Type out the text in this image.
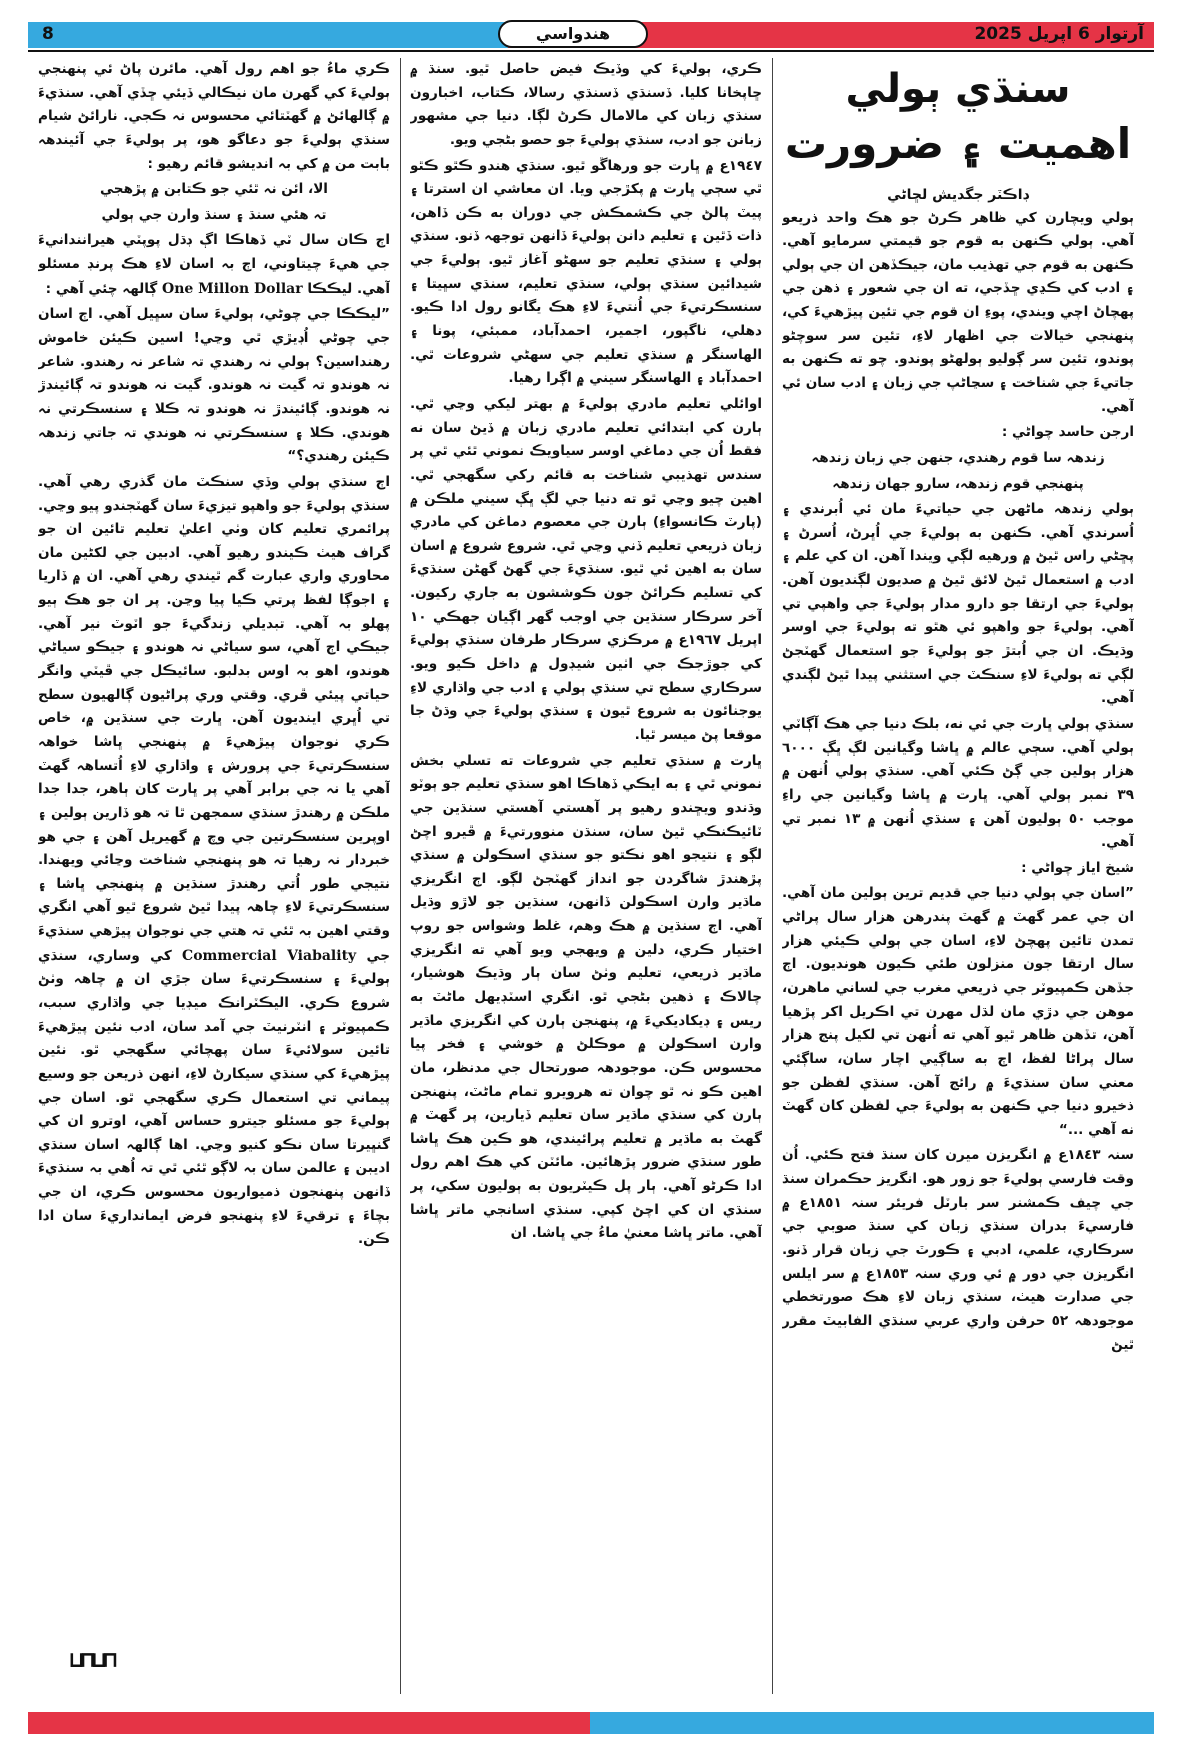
8	هندواسي	آرتوار 6 اپريل 2025
سنڌي ٻولي
اهميت ۽ ضرورت
ڊاڪٽر جگديش لڇاڻي

ٻولي ويچارن کي ظاهر ڪرڻ جو هڪ واحد ذريعو آهي. ٻولي ڪنهن به قوم جو قيمتي سرمايو آهي. ڪنهن به قوم جي تهذيب مان، جيڪڏهن ان جي ٻولي ۽ ادب کي ڪڍي ڇڏجي، ته ان جي شعور ۽ ذهن جي پهچاڻ اچي ويندي، پوءِ ان قوم جي تئين پيڙهيءَ کي، پنهنجي خيالات جي اظهار لاءِ، تئين سر سوچڻو پوندو، تئين سر ڳوليو ٻولهڻو پوندو. چو ته ڪنهن به جاتيءَ جي شناخت ۽ سڃاڻپ جي زبان ۽ ادب سان ئي آهي.

ارجن حاسد چواڻي :

زندهہ سا قوم رهندي، جنهن جي زبان زندهہ

پنهنجي قوم زندهہ، سارو جهان زندهہ

ٻولي زندهہ ماڻهن جي حياتيءَ مان ئي اُبرندي ۽ اُسرندي آهي. ڪنهن به ٻوليءَ جي اُڀرڻ، اُسرڻ ۽ پڇڻي راس ٿيڻ ۾ ورهيه لڳي ويندا آهن. ان کي علم ۽ ادب ۾ استعمال ٿيڻ لائق ٿيڻ ۾ صديون لڳنديون آهن. ٻوليءَ جي ارتقا جو دارو مدار ٻوليءَ جي واهپي تي آهي. ٻوليءَ جو واهپو ئي هٿو ته ٻوليءَ جي اوسر وڌيڪ. ان جي اُبتڙ جو ٻوليءَ جو استعمال گهٽجڻ لڳي ته ٻوليءَ لاءِ سنڪٽ جي استثني پيدا ٿيڻ لڳندي آهي.

سنڌي ٻولي ڀارت جي ئي نه، بلڪ دنيا جي هڪ آڳاٽي ٻولي آهي. سڄي عالم ۾ ڀاشا وگيانين لڳ ڀڳ ٦٠٠٠ هزار ٻولين جي ڳڻ ڪئي آهي. سنڌي ٻولي اُنهن ۾ ٣٩ نمبر ٻولي آهي. ڀارت ۾ ڀاشا وگيانين جي راءِ موجب ٥٠ ٻوليون آهن ۽ سنڌي اُنهن ۾ ١٣ نمبر تي آهي.

شيخ اياز چواڻي :

”اسان جي ٻولي دنيا جي قديم ترين ٻولين مان آهي. ان جي عمر گهٽ ۾ گهٽ پندرهن هزار سال پراڻي تمدن تائين پهچڻ لاءِ، اسان جي ٻولي ڪيئي هزار سال ارتقا جون منزلون طئي ڪيون هونديون. اڄ جڏهن ڪمپيوٽر جي ذريعي مغرب جي لساني ماهرن، موهن جي دڙي مان لڌل مهرن تي اڪريل اکر پڙهيا آهن، تڏهن ظاهر ٿيو آهي ته اُنهن تي لکيل پنج هزار سال پراڻا لفظ، اڄ به ساڳيي اچار سان، ساڳئي معني سان سنڌيءَ ۾ رائج آهن. سنڌي لفظن جو ذخيرو دنيا جي ڪنهن به ٻوليءَ جي لفظن کان گهٽ نه آهي ...“

سنہ ١٨٤٣ع ۾ انگريزن ميرن کان سنڌ فتح ڪئي. اُن وقت فارسي ٻوليءَ جو زور هو. انگريز حڪمران سنڌ جي چيف ڪمشنر سر بارٽل فريئر سنہ ١٨٥١ع ۾ فارسيءَ بدران سنڌي زبان کي سنڌ صوبي جي سرڪاري، علمي، ادبي ۽ ڪورٽ جي زبان قرار ڏنو. انگريزن جي دور ۾ ئي وري سنہ ١٨٥٣ع ۾ سر ايلس جي صدارت هيٺ، سنڌي زبان لاءِ هڪ صورتخطي موجودهہ ٥٢ حرفن واري عربي سنڌي الفابيٽ مقرر ٿيڻ

ڪري، ٻوليءَ کي وڏيڪ فيض حاصل ٿيو. سنڌ ۾ ڇاپخانا کليا. ڏسنڌي ڏسنڌي رسالا، ڪتاب، اخبارون سنڌي زبان کي مالامال ڪرڻ لڳا. دنيا جي مشهور زبانن جو ادب، سنڌي ٻوليءَ جو حصو بڻجي ويو.

١٩٤٧ع ۾ ڀارت جو ورهاڱو ٿيو. سنڌي هندو ڪٿو ڪٿو ٿي سڄي ڀارت ۾ پکڙجي ويا. ان معاشي ان استرتا ۽ پيٽ پالڻ جي ڪشمڪش جي دوران به ڪن ڏاهن، ذات ڏٿين ۽ تعليم دانن ٻوليءَ ڏانهن توجهہ ڏنو. سنڌي ٻولي ۽ سنڌي تعليم جو سهڻو آغاز ٿيو. ٻوليءَ جي شيدائين سنڌي ٻولي، سنڌي تعليم، سنڌي سڀيتا ۽ سنسڪرتيءَ جي اُنتيءَ لاءِ هڪ يگانو رول ادا ڪيو. دهلي، ناگپور، اجمير، احمدآباد، ممبئي، پونا ۽ الهاسنگر ۾ سنڌي تعليم جي سهڻي شروعات ٿي. احمدآباد ۽ الهاسنگر سيني ۾ اڳرا رهيا.

اوائلي تعليم مادري ٻوليءَ ۾ بهتر ليکي وڃي ٿي. ٻارن کي ابتدائي تعليم مادري زبان ۾ ڏيڻ سان نه فقط اُن جي دماغي اوسر سياويڪ نموني ٿئي ٿي پر سندس تهذيبي شناخت به قائم رکي سگهجي ٿي. اهين چيو وڃي ٿو ته دنيا جي لڳ ڀڳ سيني ملڪن ۾ (پارٽ ڪانسواءِ) ٻارن جي معصوم دماغن کي مادري زبان ذريعي تعليم ڏني وڃي ٿي. شروع شروع ۾ اسان سان به اهين ئي ٿيو. سنڌيءَ جي گهڻ گهڻن سنڌيءَ کي تسليم ڪرائڻ جون ڪوششون به جاري رکيون. آخر سرڪار سنڌين جي اوجب گهر اڳيان جهڪي ١٠ اپريل ١٩٦٧ع ۾ مرڪزي سرڪار طرفان سنڌي ٻوليءَ کي جوڙجڪ جي اٺين شيڊول ۾ داخل ڪيو ويو. سرڪاري سطح تي سنڌي ٻولي ۽ ادب جي واڌاري لاءِ يوجنائون به شروع ٿيون ۽ سنڌي ٻوليءَ جي وڌڻ جا موقعا پڻ ميسر ٿيا.

ڀارت ۾ سنڌي تعليم جي شروعات ته تسلي بخش نموني ٿي ۽ به ايڪي ڏهاڪا اهو سنڌي تعليم جو ٻوٽو وڌندو ويڇندو رهيو پر آهستي آهستي سنڌين جي ٽائيڪنڪي ٿيڻ سان، سنڌن منوورتيءَ ۾ ڦيرو اچڻ لڳو ۽ نتيجو اهو نڪتو جو سنڌي اسڪولن ۾ سنڌي پڙهندڙ شاگردن جو انداز گهٽجڻ لڳو. اڄ انگريزي ماڌير وارن اسڪولن ڏانهن، سنڌين جو لاڙو وڌيل آهي. اڄ سنڌين ۾ هڪ وهم، غلط وشواس جو روپ اختيار ڪري، دلين ۾ ويهجي ويو آهي ته انگريزي ماڌير ذريعي، تعليم وٺڻ سان ٻار وڌيڪ هوشيار، چالاڪ ۽ ذهين بڻجي ٿو. انگري اسٽڊيهل ماڻٽ به ريس ۽ ڊيکاديکيءَ ۾، پنهنجن ٻارن کي انگريزي ماڌير وارن اسڪولن ۾ موڪلڻ ۾ خوشي ۽ فخر پيا محسوس ڪن. موجودهہ صورتحال جي مدنظر، مان اهين ڪو نہ ٿو چوان ته هرويرو تمام ماڻٽ، پنهنجن ٻارن کي سنڌي ماڌير سان تعليم ڏيارين، پر گهٽ ۾ گهٽ به ماڌير ۾ تعليم پرائيندي، هو ڪين هڪ ڀاشا طور سنڌي ضرور پڙهائين. مائٽن کي هڪ اهم رول ادا ڪرڻو آهي. ٻار پل ڪيٽريون به ٻوليون سکي، پر سنڌي ان کي اچڻ کپي. سنڌي اسانجي ماتر ڀاشا آهي. ماتر ڀاشا معنيٰ ماءُ جي ڀاشا. ان

ڪري ماءُ جو اهم رول آهي. مائرن پاڻ ئي پنهنجي ٻوليءَ کي گهرن مان نيڪالي ڏيئي ڇڏي آهي. سنڌيءَ ۾ ڳالهائڻ ۾ گهٽتائي محسوس نہ ڪجي. نارائڻ شيام سنڌي ٻوليءَ جو دعاگو هو، پر ٻوليءَ جي آئيندهہ بابت من ۾ کي بہ انديشو قائم رهيو :

الا، ائن نہ ٿئي جو ڪتابن ۾ پڙهجي

تہ هئي سنڌ ۽ سنڌ وارن جي ٻولي

اڄ ڪان سال ٽي ڏهاڪا اڳ ڊڌل پوپٽي هيرانندانيءَ جي هيءَ چيتاوني، اڄ بہ اسان لاءِ هڪ پرنڊ مسئلو آهي. ليڪڪا One Millon Dollar ڳالهہ چئي آهي :

”ليڪڪا جي چوڻي، ٻوليءَ سان سڀيل آهي. اڄ اسان جي چوڻي اُڊيڙي ٿي وڃي! اسين ڪيئن خاموش رهنداسين؟ ٻولي نہ رهندي تہ شاعر نہ رهندو. شاعر نہ هوندو تہ گيت نہ هوندو. گيت نہ هوندو تہ ڳائيندڙ نہ هوندو. ڳائيندڙ نہ هوندو تہ ڪلا ۽ سنسڪرتي نہ هوندي. ڪلا ۽ سنسڪرتي نہ هوندي تہ جاتي زندهہ ڪيئن رهندي؟“

اڄ سنڌي ٻولي وڏي سنڪٽ مان گذري رهي آهي. سنڌي ٻوليءَ جو واهپو تيزيءَ سان گهٽجندو پيو وڃي. پرائمري تعليم کان وٺي اعليٰ تعليم تائين ان جو گراف هيٺ ڪيندو رهيو آهي. ادبين جي لکڻين مان محاوري واري عبارت گم ٿيندي رهي آهي. ان ۾ ڏاريا ۽ اجوڳا لفظ پرتي ڪيا پيا وڃن. پر ان جو هڪ ٻيو پهلو بہ آهي. تبديلي زندگيءَ جو اٽوٽ نير آهي. جيڪي اڄ آهي، سو سياڻي نہ هوندو ۽ جيڪو سياڻي هوندو، اهو بہ اوس بدلبو. سائيڪل جي ڦيٽي وانگر حياتي پيئي ڦري. وقتي وري پراڻيون ڳالهيون سطح تي اُڀري اينديون آهن. ڀارت جي سنڌين ۾، خاص ڪري نوجوان پيڙهيءَ ۾ پنهنجي ڀاشا خواهہ سنسڪرتيءَ جي پرورش ۽ واڌاري لاءِ اُتساهہ گهٽ آهي يا نہ جي برابر آهي پر ڀارت کان ٻاهر، جدا جدا ملڪن ۾ رهندڙ سنڌي سمجهن ٿا تہ هو ڏارين ٻولين ۽ اوپرين سنسڪرتين جي وچ ۾ گهيريل آهن ۽ جي هو خبردار نہ رهيا تہ هو پنهنجي شناخت وڃائي ويهندا. نتيجي طور اُتي رهندڙ سنڌين ۾ پنهنجي ڀاشا ۽ سنسڪرتيءَ لاءِ چاهہ پيدا ٿيڻ شروع ٿيو آهي انگري وقتي اهين بہ ٿئي تہ هتي جي نوجوان پيڙهي سنڌيءَ جي Commercial Viabality کي وساري، سنڌي ٻوليءَ ۽ سنسڪرتيءَ سان جڙي ان ۾ چاهہ وٺڻ شروع ڪري. اليڪٽرانڪ ميڊيا جي واڌاري سبب، ڪمپيوٽر ۽ انٽرنيٽ جي آمد سان، ادب نئين پيڙهيءَ تائين سولائيءَ سان پهچائي سگهجي ٿو. نئين پيڙهيءَ کي سنڌي سيکارڻ لاءِ، انهن ذريعن جو وسيع پيماني تي استعمال ڪري سگهجي ٿو. اسان جي ٻوليءَ جو مسئلو جيترو حساس آهي، اوترو ان کي گنڀيرتا سان نڪو کنيو وڃي. اها ڳالهہ اسان سنڌي اديبن ۽ عالمن سان بہ لاڳو ٿئي ٿي تہ اُهي بہ سنڌيءَ ڏانهن پنهنجون ذميواريون محسوس ڪري، ان جي بچاءَ ۽ ترقيءَ لاءِ پنهنجو فرض ايمانداريءَ سان ادا ڪن.

⊔⊓⊔⊓
